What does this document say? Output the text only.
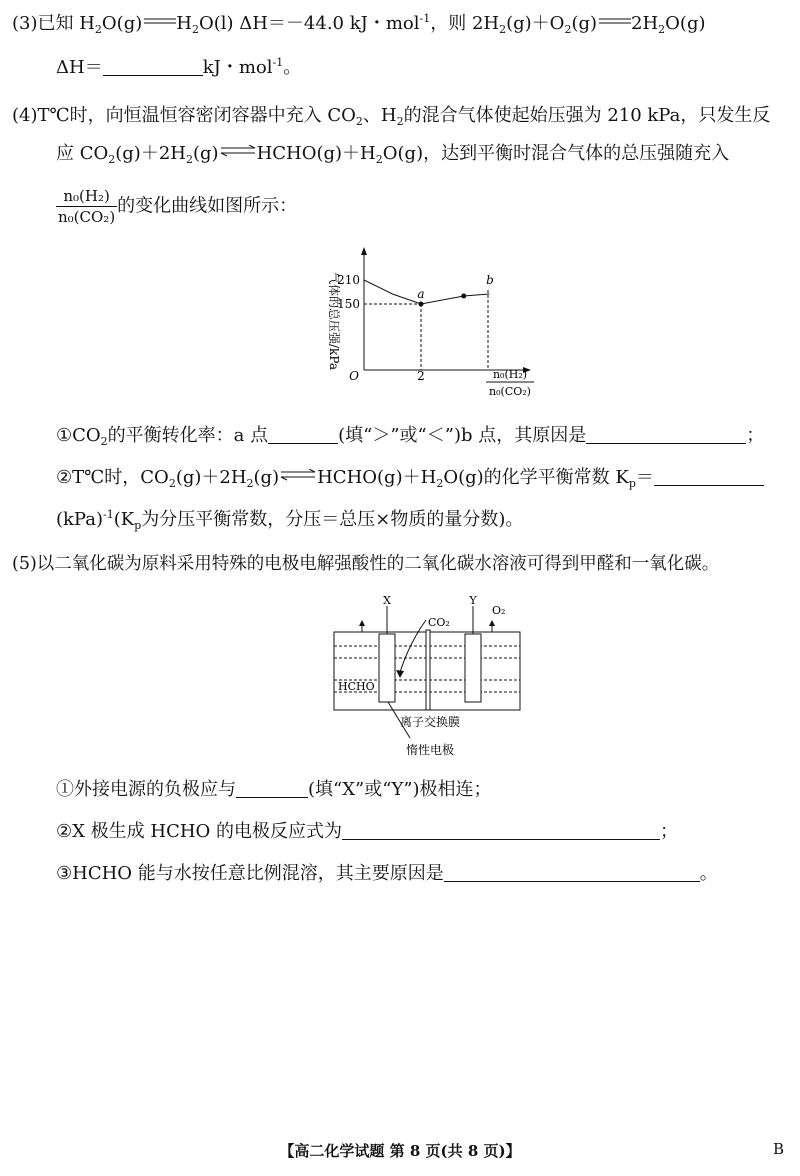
(3)已知 $H_2O(g)$ $H_2O(l)$ ΔH＝－44.0 kJ・mol$^{-1}$，则 $2H_2(g)+O_2(g)$ $2H_2O(g)$
ΔH＝	kJ・mol$^{-1}$。
(4)T℃时，向恒温恒容密闭容器中充入 $CO_2$、$H_2$的混合气体使起始压强为 210 kPa，只发生反
应 $CO_2(g)+2H_2(g)\rightleftharpoons HCHO(g)+H_2O(g)$，达到平衡时混合气体的总压强随充入
$\frac{\text{n₀(H₂)}}{\text{n₀(CO₂)}}$ 的变化曲线如图所示：
气体的总压强/kPa
O
210
150
2
a
b
n₀(H₂)
n₀(CO₂)
$①CO_2$的平衡转化率：a 点	(填“＞”或“＜”)b 点，其原因是	；
②T℃时，$CO_2(g)+2H_2(g)\rightleftharpoons HCHO(g)+H_2O(g)$的化学平衡常数 $K_p=$
$(kPa)^{-1}(K_p$为分压平衡常数，分压＝总压×物质的量分数)。
(5)以二氧化碳为原料采用特殊的电极电解强酸性的二氧化碳水溶液可得到甲醛和一氧化碳。
X	Y
O₂
CO₂
HCHO
离子交换膜
惰性电极
①外接电源的负极应与	(填“X”或“Y”)极相连；
②X 极生成 HCHO 的电极反应式为	；
③HCHO 能与水按任意比例混溶，其主要原因是	。
【高二化学试题 第 8 页(共 8 页)】	B
